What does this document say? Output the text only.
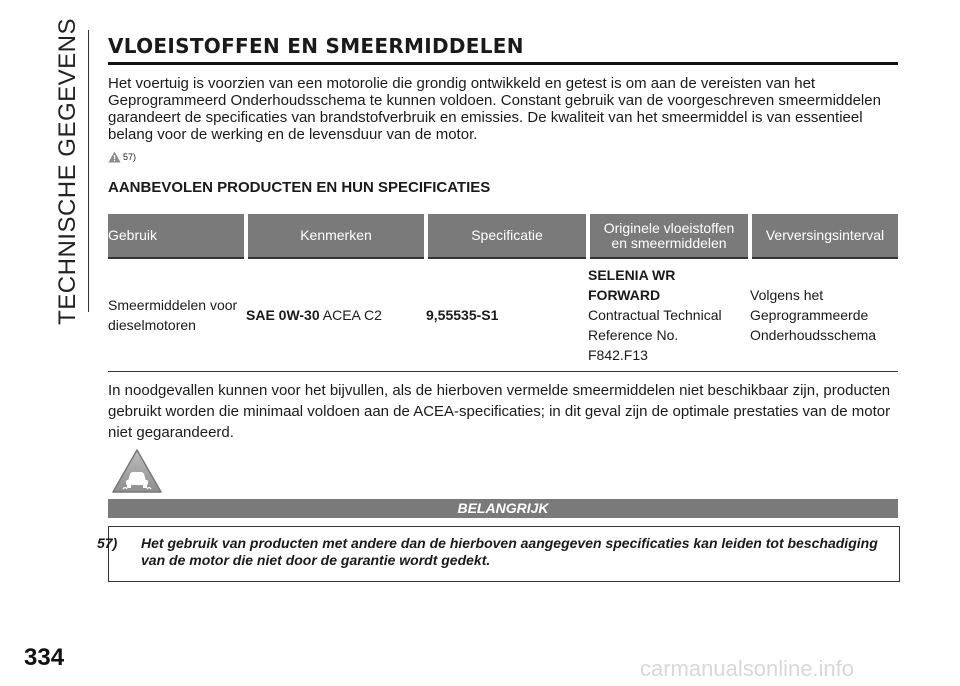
TECHNISCHE GEGEVENS VLOEISTOFFEN EN SMEERMIDDELEN

Het voertuig is voorzien van een motorolie die grondig ontwikkeld en getest is om aan de vereisten van het Geprogrammeerd Onderhoudsschema te kunnen voldoen. Constant gebruik van de voorgeschreven smeermiddelen garandeert de specificaties van brandstofverbruik en emissies. De kwaliteit van het smeermiddel is van essentieel belang voor de werking en de levensduur van de motor.

57)
AANBEVOLEN PRODUCTEN EN HUN SPECIFICATIES
Gebruik	Kenmerken	Specificatie	Originele vloeistoffen
en smeermiddelen	Verversingsinterval
Smeermiddelen voor dieselmotoren	SAE 0W-30 ACEA C2	9,55535-S1	SELENIA WR
FORWARD
Contractual Technical
Reference No.
F842.F13	Volgens het
Geprogrammeerde
Onderhoudsschema

In noodgevallen kunnen voor het bijvullen, als de hierboven vermelde smeermiddelen niet beschikbaar zijn, producten gebruikt worden die minimaal voldoen aan de ACEA-specificaties; in dit geval zijn de optimale prestaties van de motor niet gegarandeerd.

BELANGRIJK

57) Het gebruik van producten met andere dan de hierboven aangegeven specificaties kan leiden tot beschadiging van de motor die niet door de garantie wordt gedekt.

334	carmanualsonline.info
